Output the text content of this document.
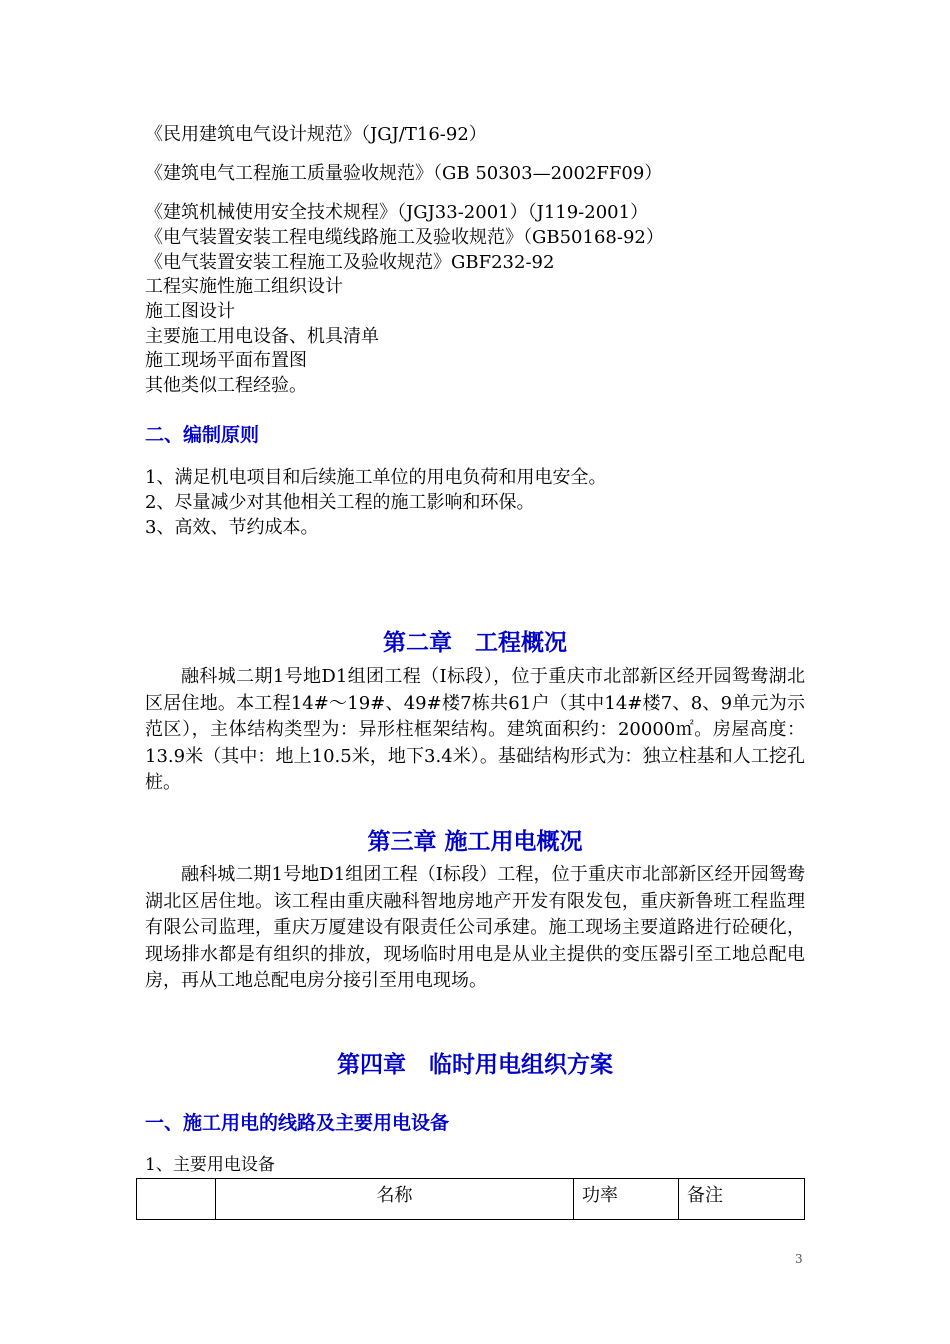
《民用建筑电气设计规范》（JGJ/T16-92）
《建筑电气工程施工质量验收规范》（GB 50303—2002FF09）
《建筑机械使用安全技术规程》（JGJ33-2001）（J119-2001）
《电气装置安装工程电缆线路施工及验收规范》（GB50168-92）
《电气装置安装工程施工及验收规范》GBF232-92
工程实施性施工组织设计
施工图设计
主要施工用电设备、机具清单
施工现场平面布置图
其他类似工程经验。
二、编制原则
1、满足机电项目和后续施工单位的用电负荷和用电安全。
2、尽量减少对其他相关工程的施工影响和环保。
3、高效、节约成本。
第二章　工程概况

融科城二期1号地D1组团工程（Ⅰ标段），位于重庆市北部新区经开园鸳鸯湖北区居住地。本工程14#～19#、49#楼7栋共61户（其中14#楼7、8、9单元为示范区），主体结构类型为：异形柱框架结构。建筑面积约：20000㎡。房屋高度：13.9米（其中：地上10.5米，地下3.4米）。基础结构形式为：独立柱基和人工挖孔桩。

第三章 施工用电概况

融科城二期1号地D1组团工程（Ⅰ标段）工程，位于重庆市北部新区经开园鸳鸯湖北区居住地。该工程由重庆融科智地房地产开发有限发包，重庆新鲁班工程监理有限公司监理，重庆万厦建设有限责任公司承建。施工现场主要道路进行砼硬化，现场排水都是有组织的排放，现场临时用电是从业主提供的变压器引至工地总配电房，再从工地总配电房分接引至用电现场。

第四章　临时用电组织方案
一、施工用电的线路及主要用电设备
1、主要用电设备
	名称	功率	备注
3
